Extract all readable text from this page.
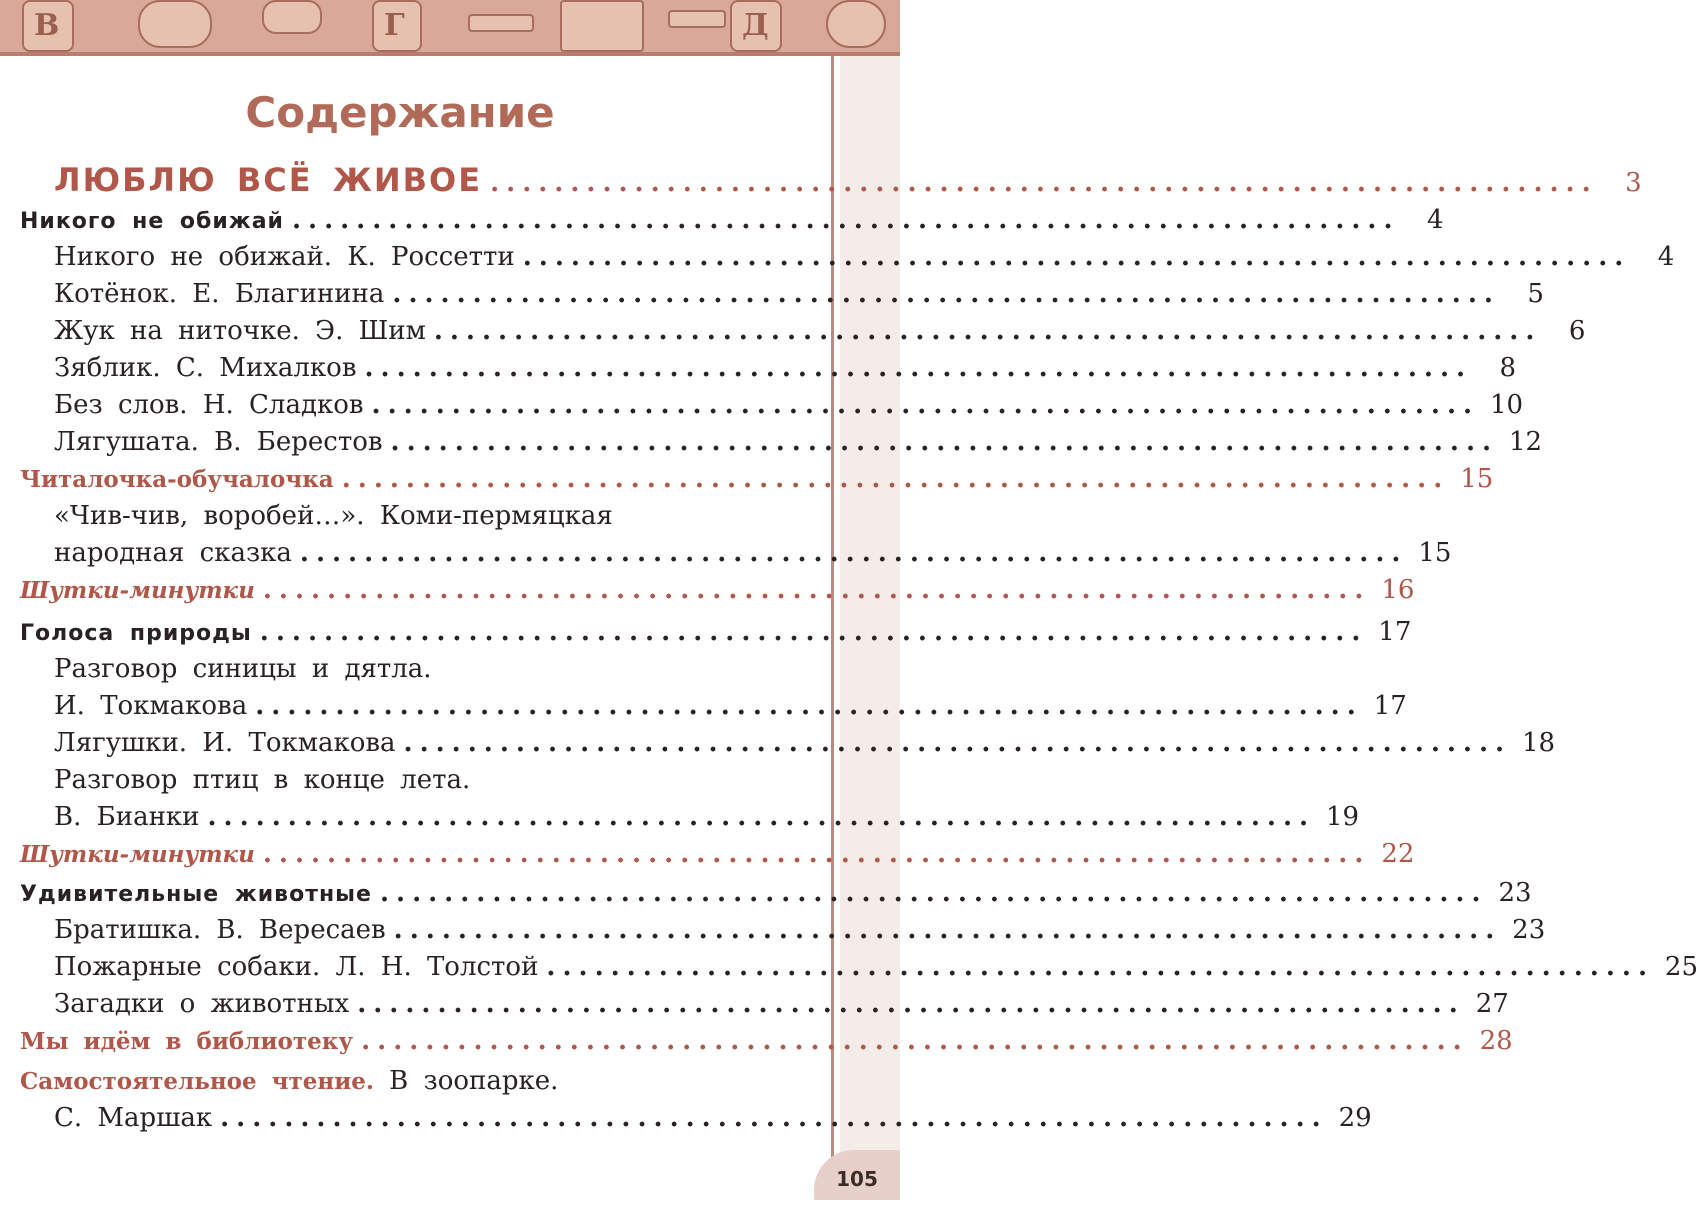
В	Г	Д
105
Содержание
ЛЮБЛЮ ВСЁ ЖИВОЕ .....................................................................	3
Никого не обижай .....................................................................	4
Никого не обижай. К. Россетти .....................................................................	4
Котёнок. Е. Благинина .....................................................................	5
Жук на ниточке. Э. Шим .....................................................................	6
Зяблик. С. Михалков .....................................................................	8
Без слов. Н. Сладков ..................................................................... 10
Лягушата. В. Берестов ..................................................................... 12
Читалочка-обучалочка ..................................................................... 15
«Чив-чив, воробей…». Коми-пермяцкая
народная сказка ..................................................................... 15
Шутки-минутки ..................................................................... 16
Голоса природы ..................................................................... 17
Разговор синицы и дятла.
И. Токмакова ..................................................................... 17
Лягушки. И. Токмакова ..................................................................... 18
Разговор птиц в конце лета.
В. Бианки ..................................................................... 19
Шутки-минутки ..................................................................... 22
Удивительные животные ..................................................................... 23
Братишка. В. Вересаев ..................................................................... 23
Пожарные собаки. Л. Н. Толстой ..................................................................... 25
Загадки о животных ..................................................................... 27
Мы идём в библиотеку ..................................................................... 28
Самостоятельное чтение. В зоопарке.
С. Маршак ..................................................................... 29
